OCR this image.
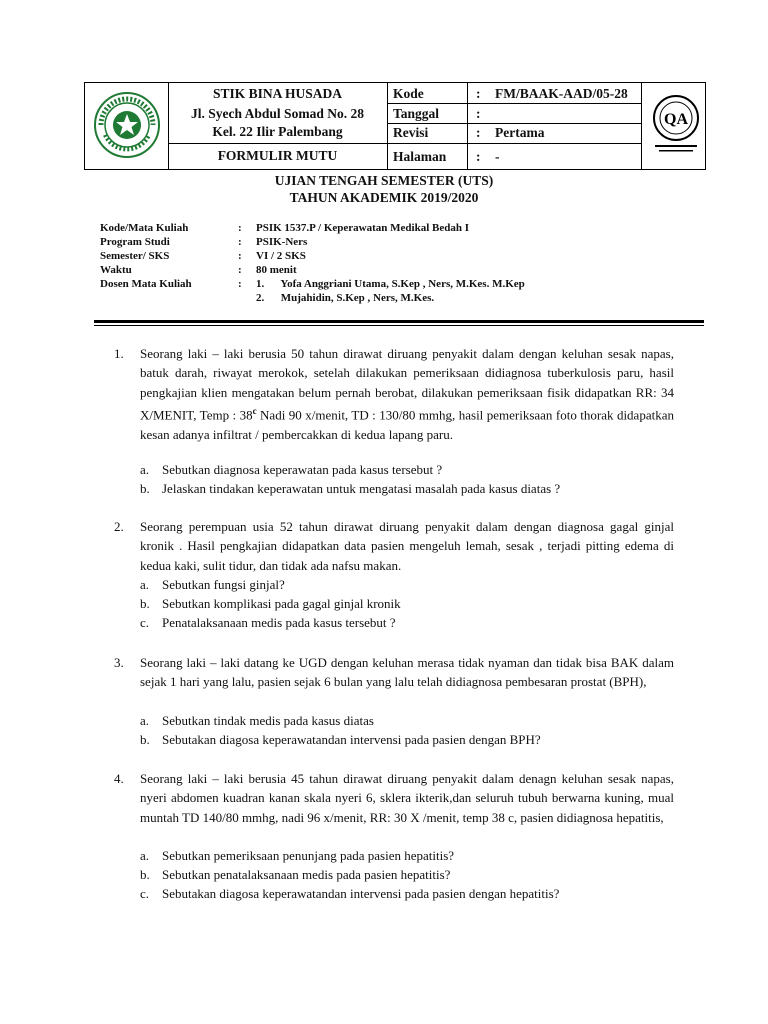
STIK BINA HUSADA
Jl. Syech Abdul Somad No. 28
Kel. 22 Ilir Palembang
FORMULIR MUTU
Kode	: FM/BAAK-AAD/05-28
Tanggal	:
Revisi	: Pertama
Halaman : -
QA
UJIAN TENGAH SEMESTER (UTS)
TAHUN AKADEMIK 2019/2020
Kode/Mata Kuliah	: PSIK 1537.P / Keperawatan Medikal Bedah I
Program Studi	: PSIK-Ners
Semester/ SKS	: VI / 2 SKS
Waktu	: 80 menit
Dosen Mata Kuliah	: 1.      Yofa Anggriani Utama, S.Kep , Ners, M.Kes. M.Kep
2.      Mujahidin, S.Kep , Ners, M.Kes.
1. Seorang laki – laki berusia 50 tahun dirawat diruang penyakit dalam dengan keluhan sesak napas, batuk darah, riwayat merokok, setelah dilakukan pemeriksaan didiagnosa tuberkulosis paru, hasil pengkajian klien mengatakan belum pernah berobat, dilakukan pemeriksaan fisik didapatkan RR: 34 X/MENIT, Temp : 38$^c$ Nadi 90 x/menit, TD : 130/80 mmhg, hasil pemeriksaan foto thorak didapatkan kesan adanya infiltrat / pembercakkan di kedua lapang paru.
a. Sebutkan diagnosa keperawatan pada kasus tersebut ?
b. Jelaskan tindakan keperawatan untuk mengatasi masalah pada kasus diatas ?
2. Seorang perempuan usia 52 tahun dirawat diruang penyakit dalam dengan diagnosa gagal ginjal kronik . Hasil pengkajian didapatkan data pasien mengeluh lemah, sesak , terjadi pitting edema di kedua kaki, sulit tidur, dan tidak ada nafsu makan.
a. Sebutkan fungsi ginjal?
b. Sebutkan komplikasi pada gagal ginjal kronik
c. Penatalaksanaan medis pada kasus tersebut ?
3. Seorang laki – laki datang ke UGD dengan keluhan merasa tidak nyaman dan tidak bisa BAK dalam sejak 1 hari yang lalu, pasien sejak 6 bulan yang lalu telah didiagnosa pembesaran prostat (BPH),
a. Sebutkan tindak medis pada kasus diatas
b. Sebutakan diagosa keperawatandan intervensi pada pasien dengan BPH?
4. Seorang laki – laki berusia 45 tahun dirawat diruang penyakit dalam denagn keluhan sesak napas, nyeri abdomen kuadran kanan skala nyeri 6, sklera ikterik,dan seluruh tubuh berwarna kuning, mual muntah TD 140/80 mmhg, nadi 96 x/menit, RR: 30 X /menit, temp 38 c, pasien didiagnosa hepatitis,
a. Sebutkan pemeriksaan penunjang pada pasien hepatitis?
b. Sebutkan penatalaksanaan medis pada pasien hepatitis?
c. Sebutakan diagosa keperawatandan intervensi pada pasien dengan hepatitis?
